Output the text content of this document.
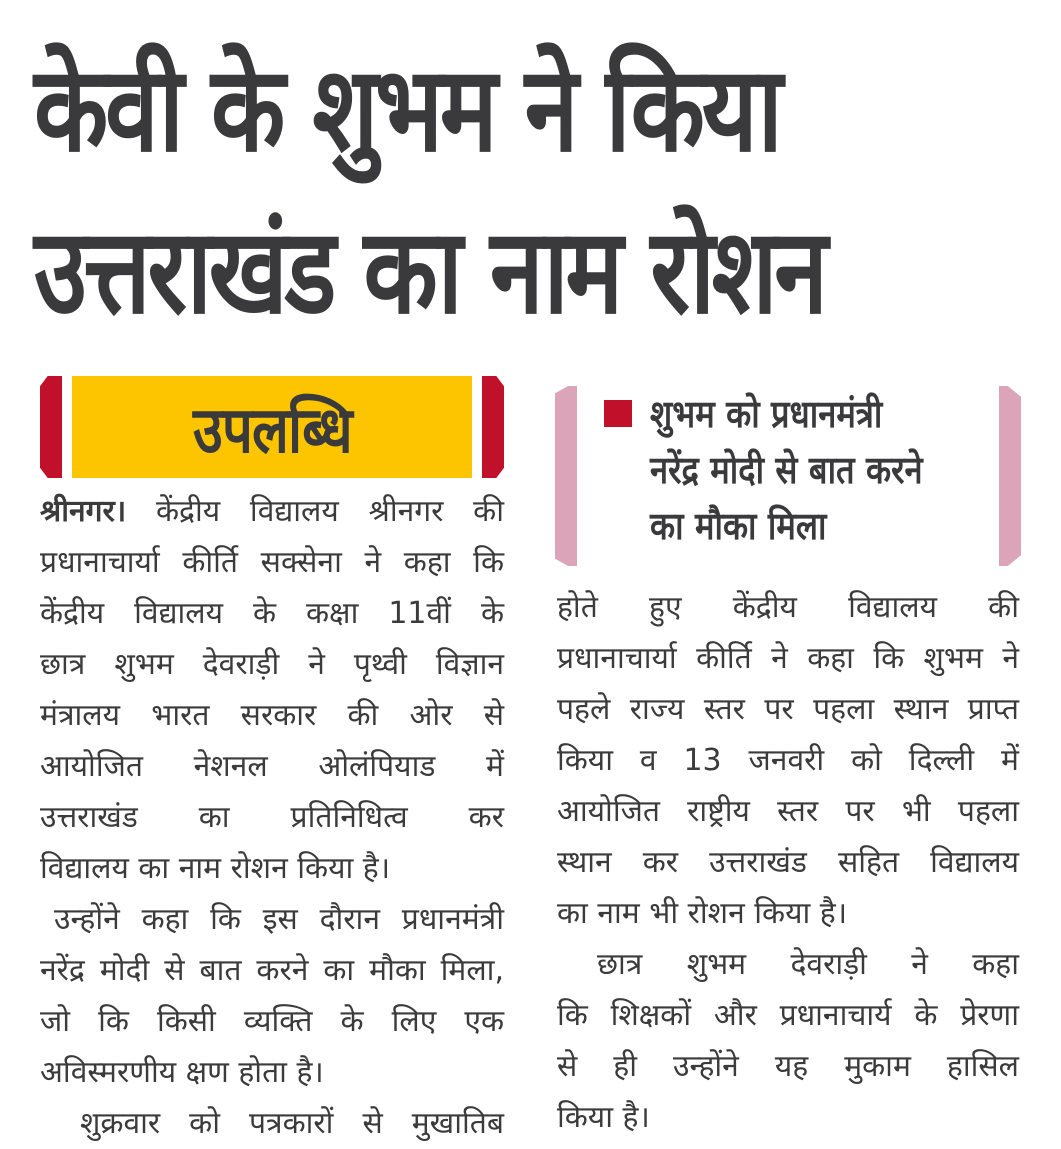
केवी के शुभम ने किया
उत्तराखंड का नाम रोशन
उपलब्धि	शुभम को प्रधानमंत्री
नरेंद्र मोदी से बात करने
का मौका मिला
श्रीनगर। केंद्रीय विद्यालय श्रीनगर की
प्रधानाचार्या कीर्ति सक्सेना ने कहा कि
केंद्रीय विद्यालय के कक्षा 11वीं के
छात्र शुभम देवराड़ी ने पृथ्वी विज्ञान
मंत्रालय भारत सरकार की ओर से
आयोजित नेशनल ओलंपियाड में
उत्तराखंड का प्रतिनिधित्व कर
विद्यालय का नाम रोशन किया है।
उन्होंने कहा कि इस दौरान प्रधानमंत्री
नरेंद्र मोदी से बात करने का मौका मिला,
जो कि किसी व्यक्ति के लिए एक
अविस्मरणीय क्षण होता है।
शुक्रवार को पत्रकारों से मुखातिब
होते हुए केंद्रीय विद्यालय की
प्रधानाचार्या कीर्ति ने कहा कि शुभम ने
पहले राज्य स्तर पर पहला स्थान प्राप्त
किया व 13 जनवरी को दिल्ली में
आयोजित राष्ट्रीय स्तर पर भी पहला
स्थान कर उत्तराखंड सहित विद्यालय
का नाम भी रोशन किया है।
छात्र शुभम देवराड़ी ने कहा
कि शिक्षकों और प्रधानाचार्य के प्रेरणा
से ही उन्होंने यह मुकाम हासिल
किया है।
